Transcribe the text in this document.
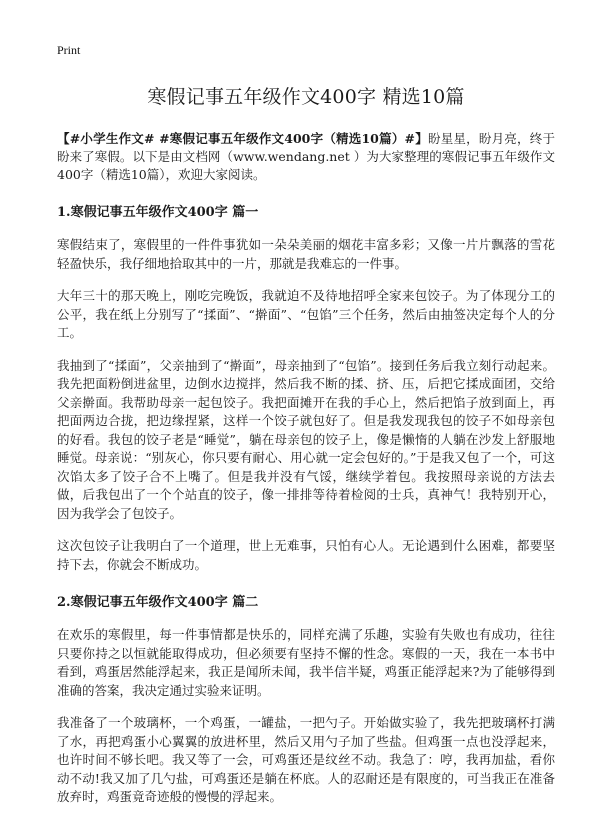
Print

寒假记事五年级作文400字 精选10篇

【#小学生作文# #寒假记事五年级作文400字（精选10篇）#】盼星星，盼月亮，终于盼来了寒假。以下是由文档网（www.wendang.net ）为大家整理的寒假记事五年级作文400字（精选10篇），欢迎大家阅读。

1.寒假记事五年级作文400字 篇一

寒假结束了，寒假里的一件件事犹如一朵朵美丽的烟花丰富多彩；又像一片片飘落的雪花轻盈快乐，我仔细地拾取其中的一片，那就是我难忘的一件事。

大年三十的那天晚上，刚吃完晚饭，我就迫不及待地招呼全家来包饺子。为了体现分工的公平，我在纸上分别写了“揉面”、“擀面”、“包馅”三个任务，然后由抽签决定每个人的分工。

我抽到了“揉面”，父亲抽到了“擀面”，母亲抽到了“包馅”。接到任务后我立刻行动起来。我先把面粉倒进盆里，边倒水边搅拌，然后我不断的揉、挤、压，后把它揉成面团，交给父亲擀面。我帮助母亲一起包饺子。我把面摊开在我的手心上，然后把馅子放到面上，再把面两边合拢，把边缘捏紧，这样一个饺子就包好了。但是我发现我包的饺子不如母亲包的好看。我包的饺子老是“睡觉”，躺在母亲包的饺子上，像是懒惰的人躺在沙发上舒服地睡觉。母亲说：“别灰心，你只要有耐心、用心就一定会包好的。”于是我又包了一个，可这次馅太多了饺子合不上嘴了。但是我并没有气馁，继续学着包。我按照母亲说的方法去做，后我包出了一个个站直的饺子，像一排排等待着检阅的士兵，真神气！我特别开心，因为我学会了包饺子。

这次包饺子让我明白了一个道理，世上无难事，只怕有心人。无论遇到什么困难，都要坚持下去，你就会不断成功。

2.寒假记事五年级作文400字 篇二

在欢乐的寒假里，每一件事情都是快乐的，同样充满了乐趣，实验有失败也有成功，往往只要你持之以恒就能取得成功，但必须要有坚持不懈的性念。寒假的一天，我在一本书中看到，鸡蛋居然能浮起来，我正是闻所未闻，我半信半疑，鸡蛋正能浮起来?为了能够得到准确的答案，我决定通过实验来证明。

我准备了一个玻璃杯，一个鸡蛋，一罐盐，一把勺子。开始做实验了，我先把玻璃杯打满了水，再把鸡蛋小心翼翼的放进杯里，然后又用勺子加了些盐。但鸡蛋一点也没浮起来，也许时间不够长吧。我又等了一会，可鸡蛋还是纹丝不动。我急了：哼，我再加盐，看你动不动!我又加了几勺盐，可鸡蛋还是躺在杯底。人的忍耐还是有限度的，可当我正在准备放弃时，鸡蛋竟奇迹般的慢慢的浮起来。
